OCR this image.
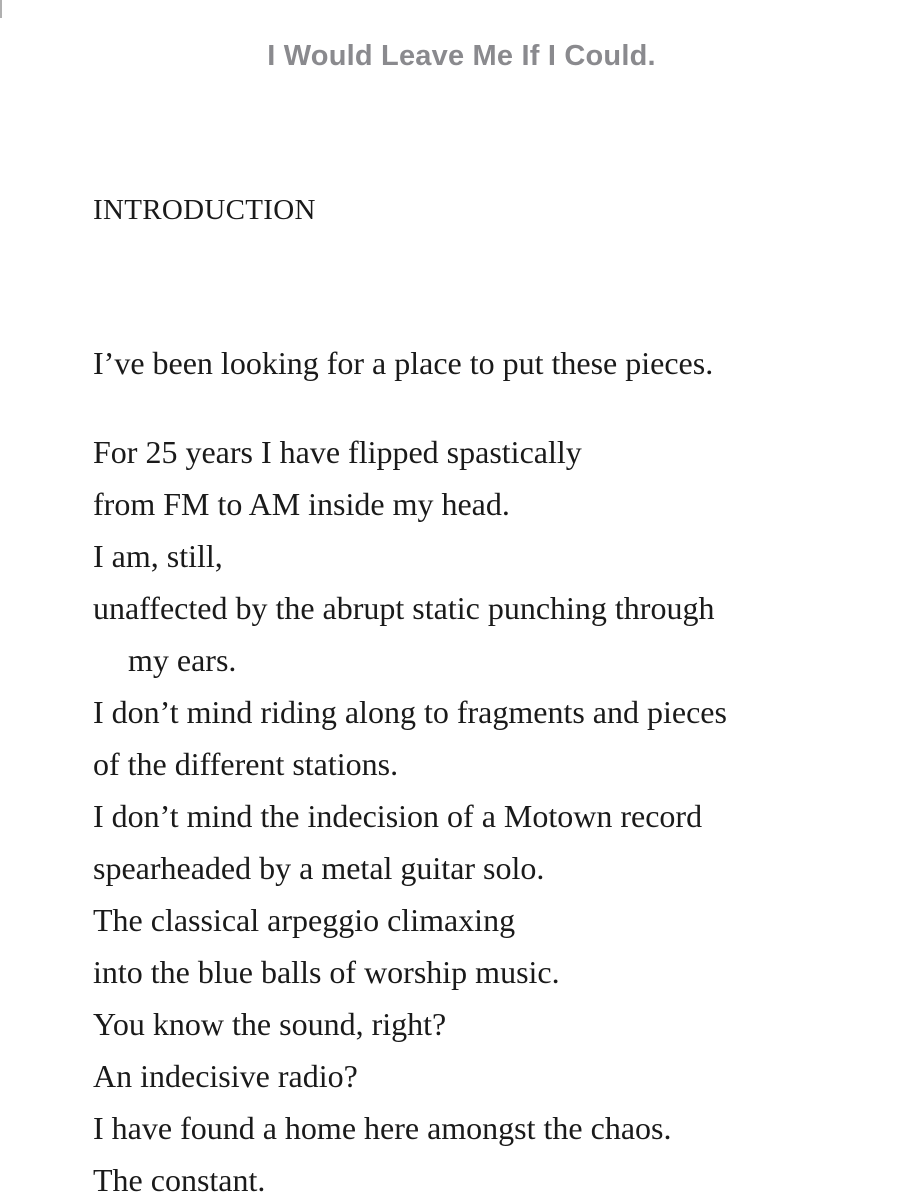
I Would Leave Me If I Could.
INTRODUCTION
I’ve been looking for a place to put these pieces.
For 25 years I have flipped spastically
from FM to AM inside my head.
I am, still,
unaffected by the abrupt static punching through
my ears.
I don’t mind riding along to fragments and pieces
of the different stations.
I don’t mind the indecision of a Motown record
spearheaded by a metal guitar solo.
The classical arpeggio climaxing
into the blue balls of worship music.
You know the sound, right?
An indecisive radio?
I have found a home here amongst the chaos.
The constant.
